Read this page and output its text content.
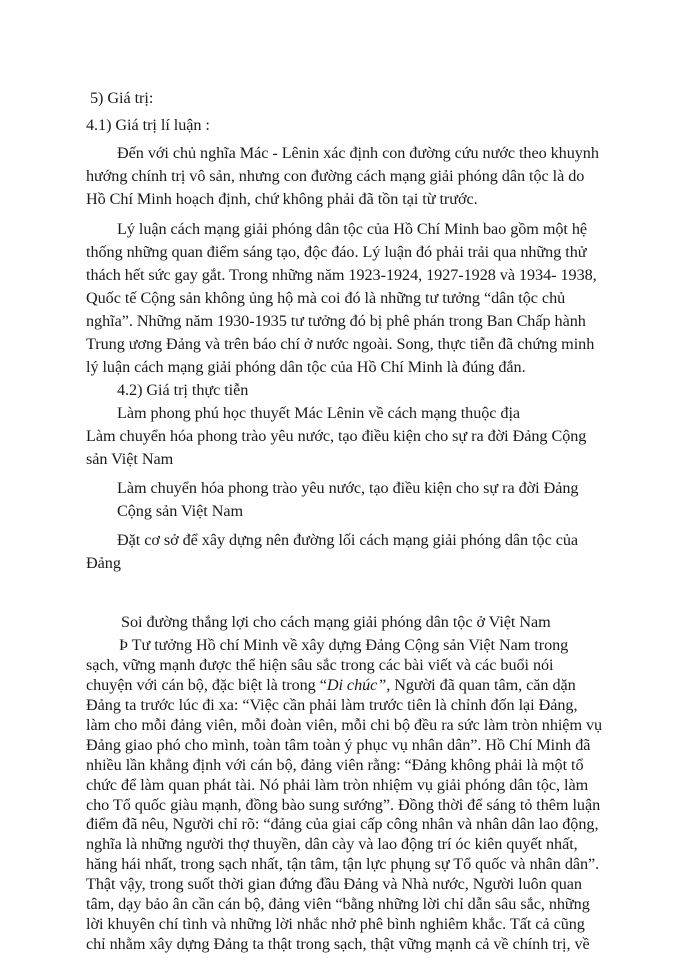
5) Giá trị:
4.1) Giá trị lí luận :
Đến với chủ nghĩa Mác - Lênin xác định con đường cứu nước theo khuynh
hướng chính trị vô sản, nhưng con đường cách mạng giải phóng dân tộc là do
Hồ Chí Minh hoạch định, chứ không phải đã tồn tại từ trước.
Lý luận cách mạng giải phóng dân tộc của Hồ Chí Minh bao gồm một hệ
thống những quan điểm sáng tạo, độc đáo. Lý luận đó phải trải qua những thử
thách hết sức gay gắt. Trong những năm 1923-1924, 1927-1928 và 1934- 1938,
Quốc tế Cộng sản không ủng hộ mà coi đó là những tư tưởng “dân tộc chủ
nghĩa”. Những năm 1930-1935 tư tưởng đó bị phê phán trong Ban Chấp hành
Trung ương Đảng và trên báo chí ở nước ngoài. Song, thực tiễn đã chứng minh
lý luận cách mạng giải phóng dân tộc của Hồ Chí Minh là đúng đắn.
4.2) Giá trị thực tiễn
Làm phong phú học thuyết Mác Lênin về cách mạng thuộc địa
Làm chuyển hóa phong trào yêu nước, tạo điều kiện cho sự ra đời Đảng Cộng
sản Việt Nam
Làm chuyển hóa phong trào yêu nước, tạo điều kiện cho sự ra đời Đảng
Cộng sản Việt Nam
Đặt cơ sở để xây dựng nên đường lối cách mạng giải phóng dân tộc của
Đảng
Soi đường thắng lợi cho cách mạng giải phóng dân tộc ở Việt Nam
Þ Tư tưởng Hồ chí Minh về xây dựng Đảng Cộng sản Việt Nam trong
sạch, vững mạnh được thể hiện sâu sắc trong các bài viết và các buổi nói
chuyện với cán bộ, đặc biệt là trong “Di chúc”, Người đã quan tâm, căn dặn
Đảng ta trước lúc đi xa: “Việc cần phải làm trước tiên là chỉnh đốn lại Đảng,
làm cho mỗi đảng viên, mỗi đoàn viên, mỗi chi bộ đều ra sức làm tròn nhiệm vụ
Đảng giao phó cho mình, toàn tâm toàn ý phục vụ nhân dân”. Hồ Chí Minh đã
nhiều lần khẳng định với cán bộ, đảng viên rằng: “Đảng không phải là một tổ
chức để làm quan phát tài. Nó phải làm tròn nhiệm vụ giải phóng dân tộc, làm
cho Tổ quốc giàu mạnh, đồng bào sung sướng”. Đồng thời để sáng tỏ thêm luận
điểm đã nêu, Người chỉ rõ: “đảng của giai cấp công nhân và nhân dân lao động,
nghĩa là những người thợ thuyền, dân cày và lao động trí óc kiên quyết nhất,
hăng hái nhất, trong sạch nhất, tận tâm, tận lực phụng sự Tổ quốc và nhân dân”.
Thật vậy, trong suốt thời gian đứng đầu Đảng và Nhà nước, Người luôn quan
tâm, dạy bảo ân cần cán bộ, đảng viên “bằng những lời chỉ dẫn sâu sắc, những
lời khuyên chí tình và những lời nhắc nhở phê bình nghiêm khắc. Tất cả cũng
chỉ nhằm xây dựng Đảng ta thật trong sạch, thật vững mạnh cả về chính trị, về
